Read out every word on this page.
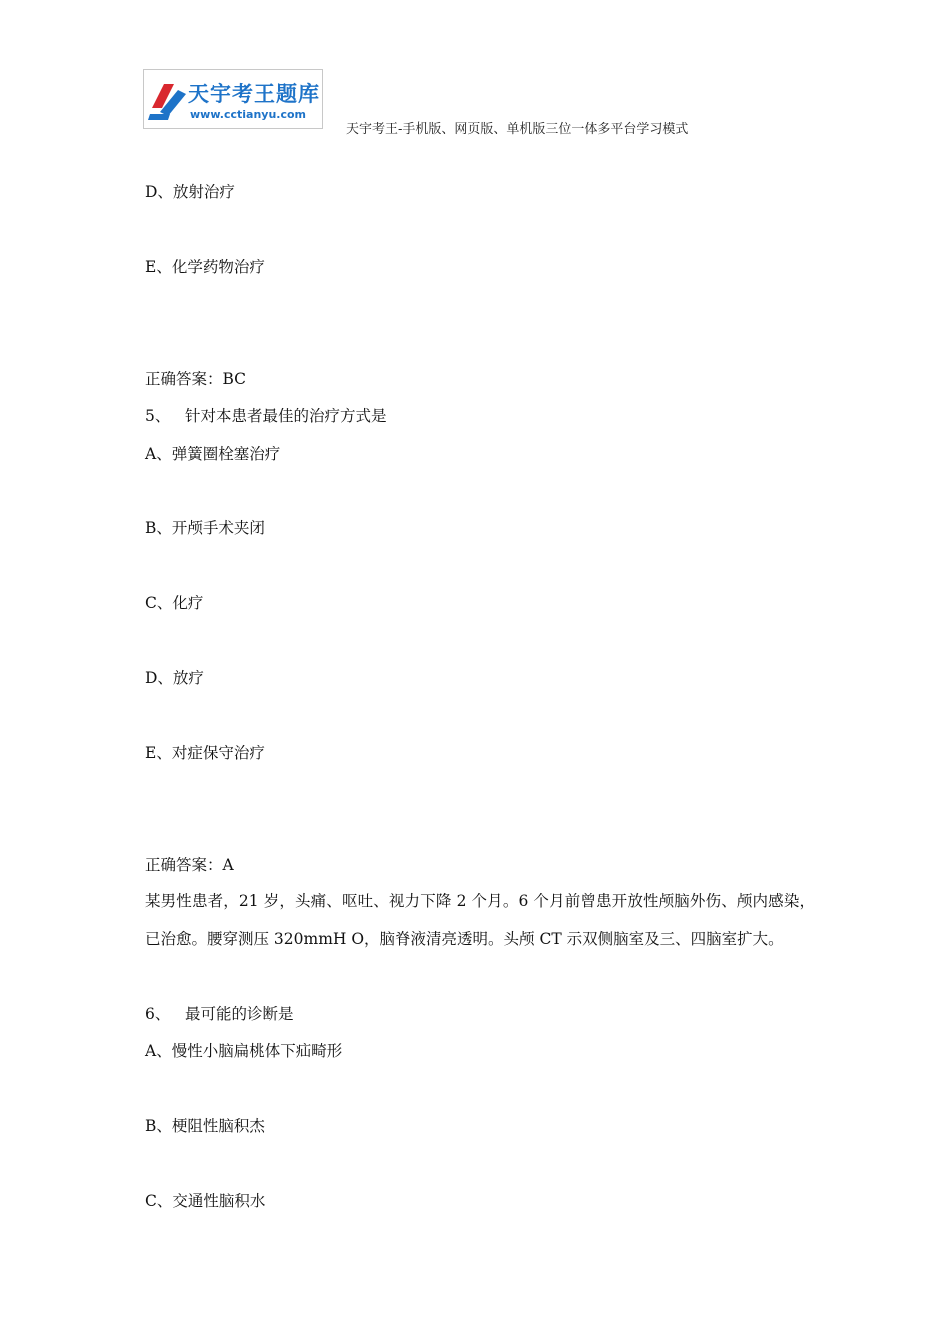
天宇考王题库
www.cctianyu.com
天宇考王-手机版、网页版、单机版三位一体多平台学习模式
D、放射治疗
E、化学药物治疗
正确答案：BC
5、 针对本患者最佳的治疗方式是
A、弹簧圈栓塞治疗
B、开颅手术夹闭
C、化疗
D、放疗
E、对症保守治疗
正确答案：A
某男性患者，21 岁，头痛、呕吐、视力下降 2 个月。6 个月前曾患开放性颅脑外伤、颅内感染，已治愈。腰穿测压 320mmH O，脑脊液清亮透明。头颅 CT 示双侧脑室及三、四脑室扩大。
6、 最可能的诊断是
A、慢性小脑扁桃体下疝畸形
B、梗阻性脑积杰
C、交通性脑积水
